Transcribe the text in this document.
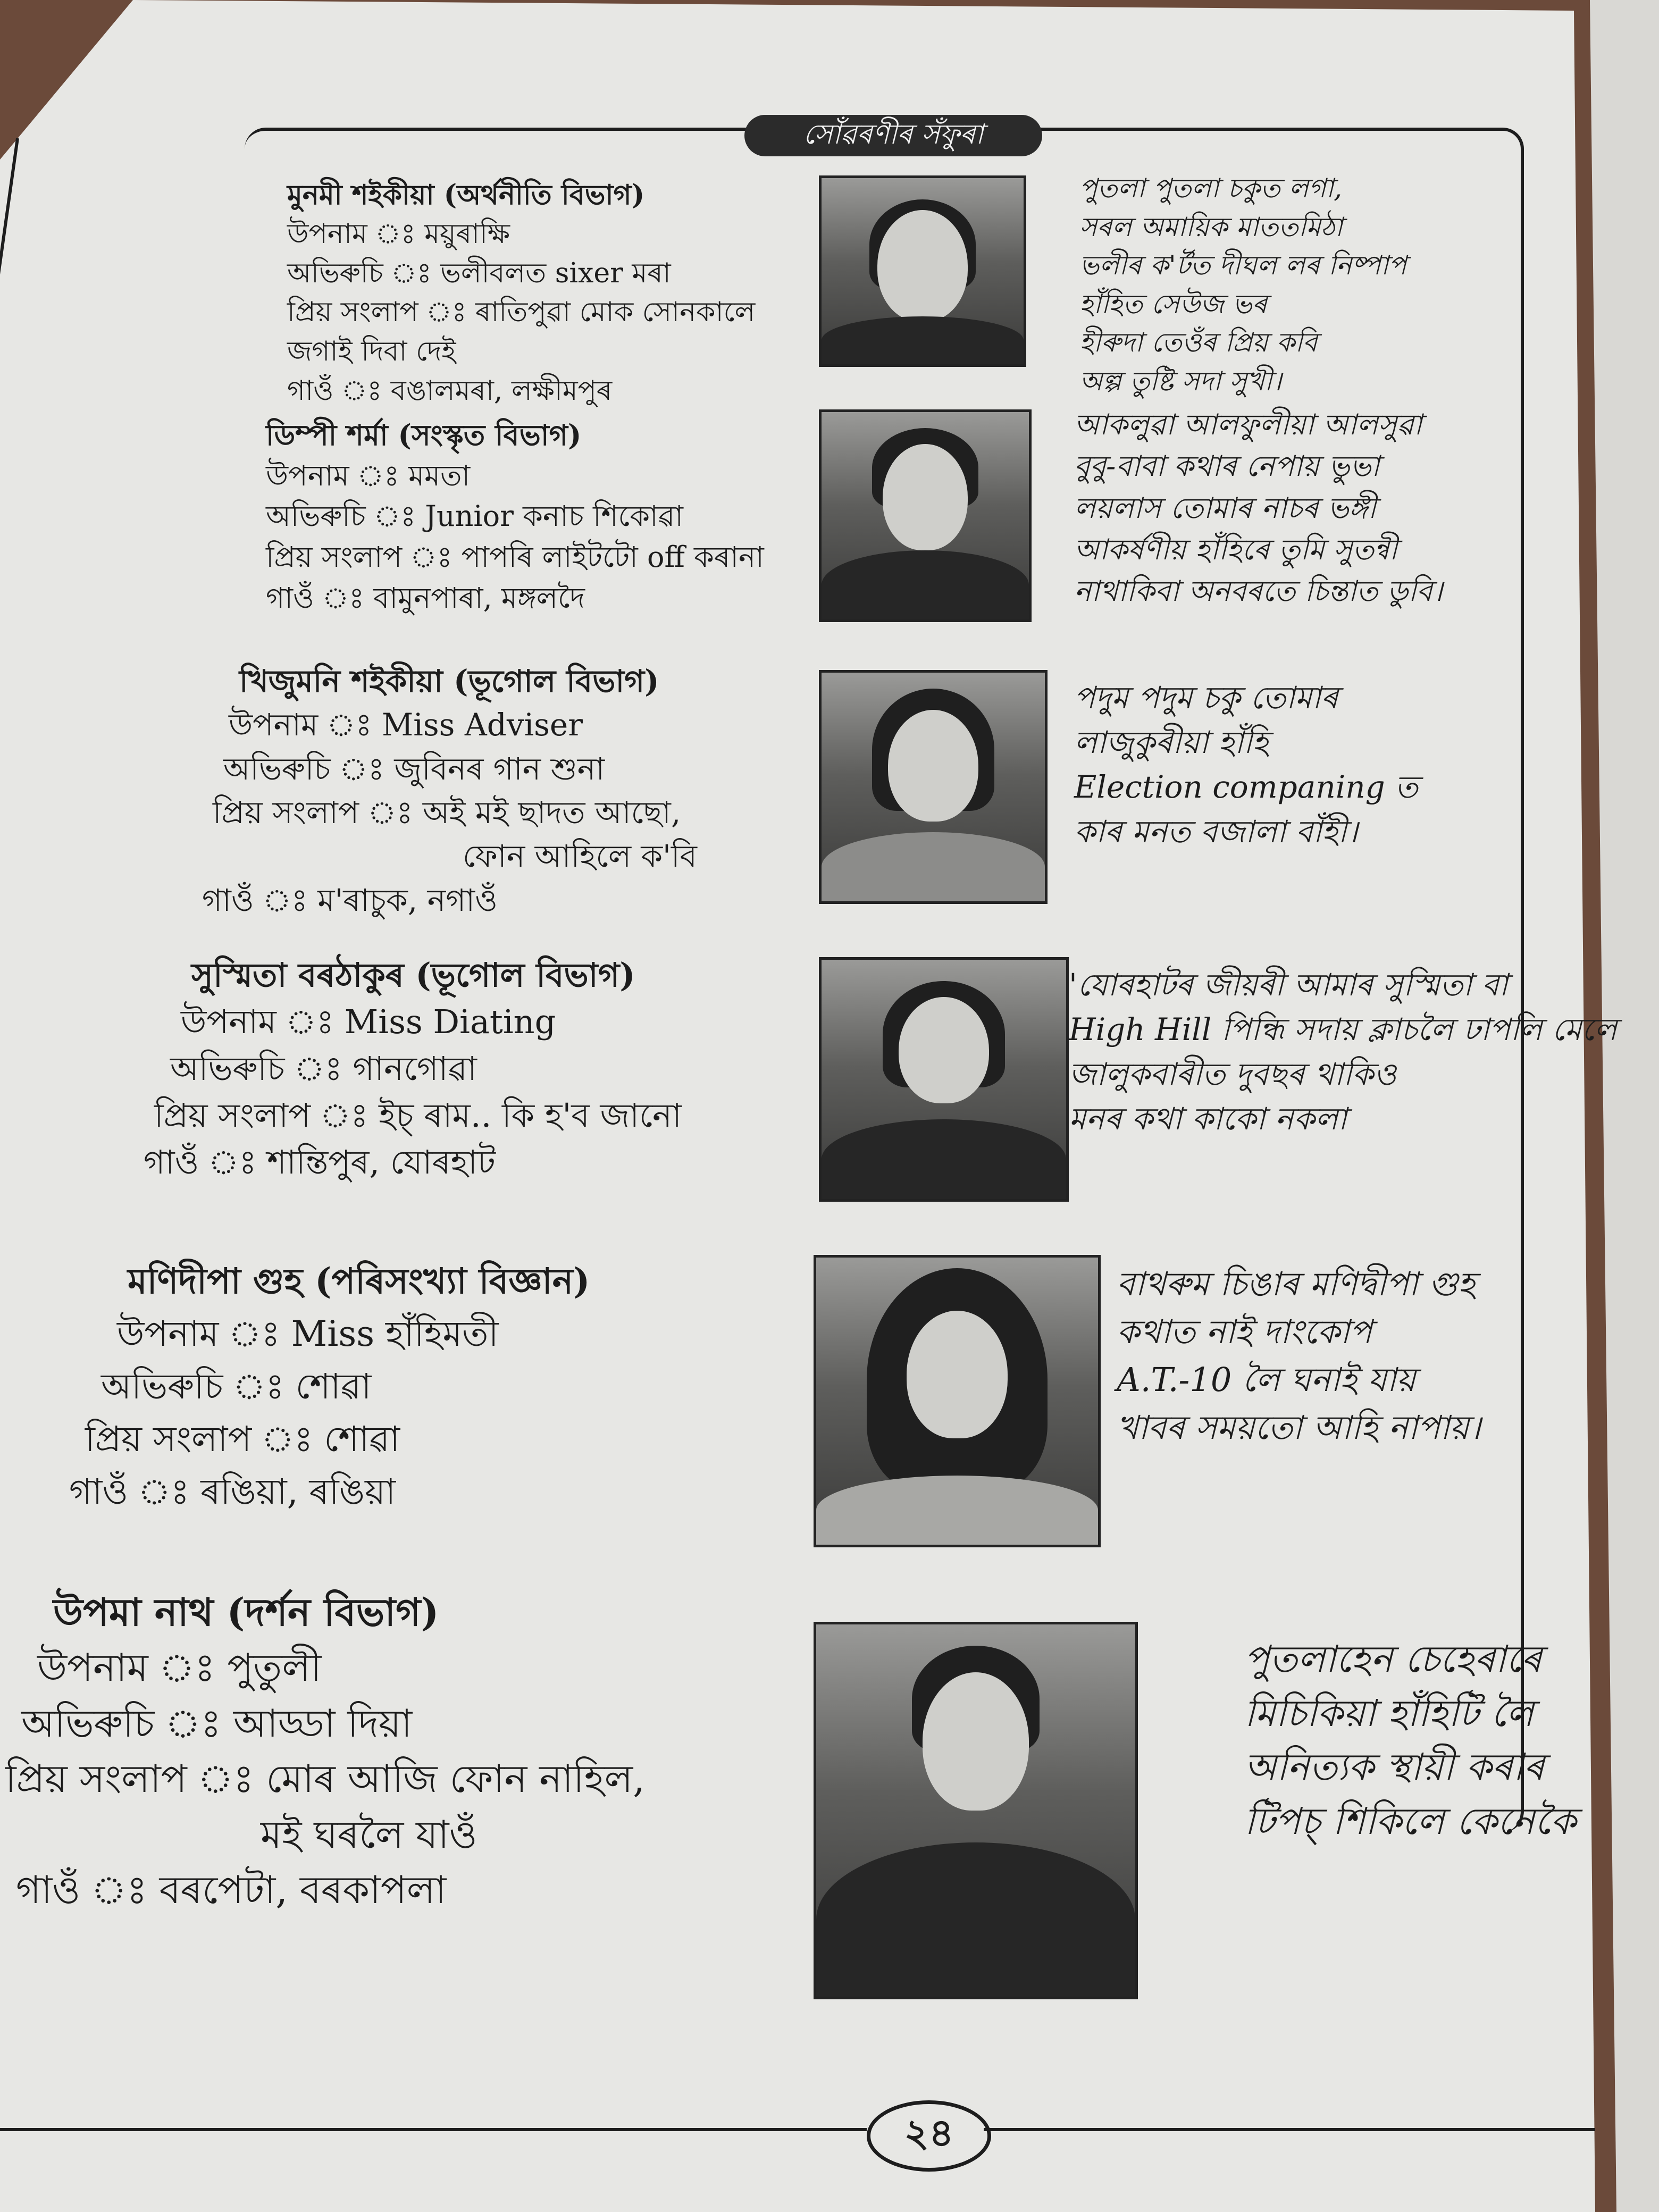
সোঁৱৰণীৰ সঁফুৰা
মুনমী শইকীয়া (অৰ্থনীতি বিভাগ)
উপনাম ঃ ময়ুৰাক্ষি
অভিৰুচি ঃ ভলীবলত sixer মৰা
প্ৰিয় সংলাপ ঃ ৰাতিপুৱা মোক সোনকালে
জগাই দিবা দেই
গাওঁ ঃ বঙালমৰা, লক্ষীমপুৰ
পুতলা পুতলা চকুত লগা,
সৰল অমায়িক মাততমিঠা
ভলীৰ ক'ৰ্টত দীঘল লৰ নিষ্পাপ
হাঁহিত সেউজ ভৰ
হীৰুদা তেওঁৰ প্ৰিয় কবি
অল্প তুষ্টি সদা সুখী।
ডিম্পী শৰ্মা (সংস্কৃত বিভাগ)
উপনাম ঃ মমতা
অভিৰুচি ঃ Junior কনাচ শিকোৱা
প্ৰিয় সংলাপ ঃ পাপৰি লাইটটো off কৰানা
গাওঁ ঃ বামুনপাৰা, মঙ্গলদৈ
আকলুৱা আলফুলীয়া আলসুৱা
বুবু-বাবা কথাৰ নেপায় ভুভা
লয়লাস তোমাৰ নাচৰ ভঙ্গী
আকৰ্ষণীয় হাঁহিৰে তুমি সুতন্বী
নাথাকিবা অনবৰতে চিন্তাত ডুবি।
খিজুমনি শইকীয়া (ভূগোল বিভাগ)
উপনাম ঃ Miss Adviser
অভিৰুচি ঃ জুবিনৰ গান শুনা
প্ৰিয় সংলাপ ঃ অই মই ছাদত আছো,
ফোন আহিলে ক'বি
গাওঁ ঃ ম'ৰাচুক, নগাওঁ
পদুম পদুম চকু তোমাৰ
লাজুকুৰীয়া হাঁহি
Election companing ত
কাৰ মনত বজালা বাঁহী।
সুস্মিতা বৰঠাকুৰ (ভূগোল বিভাগ)
উপনাম ঃ Miss Diating
অভিৰুচি ঃ গানগোৱা
প্ৰিয় সংলাপ ঃ ইচ্ ৰাম.. কি হ'ব জানো
গাওঁ ঃ শান্তিপুৰ, যোৰহাট
'যোৰহাটৰ জীয়ৰী আমাৰ সুস্মিতা বা
High Hill পিন্ধি সদায় ক্লাচলৈ ঢাপলি মেলে
জালুকবাৰীত দুবছৰ থাকিও
মনৰ কথা কাকো নকলা
মণিদীপা গুহ (পৰিসংখ্যা বিজ্ঞান)
উপনাম ঃ Miss হাঁহিমতী
অভিৰুচি ঃ শোৱা
প্ৰিয় সংলাপ ঃ শোৱা
গাওঁ ঃ ৰঙিয়া, ৰঙিয়া
বাথৰুম চিঙাৰ মণিদ্বীপা গুহ
কথাত নাই দাংকোপ
A.T.-10 লৈ ঘনাই যায়
খাবৰ সময়তো আহি নাপায়।
উপমা নাথ (দৰ্শন বিভাগ)
উপনাম ঃ পুতুলী
অভিৰুচি ঃ আড্ডা দিয়া
প্ৰিয় সংলাপ ঃ মোৰ আজি ফোন নাহিল,
মই ঘৰলৈ যাওঁ
গাওঁ ঃ বৰপেটা, বৰকাপলা
পুতলাহেন চেহেৰাৰে
মিচিকিয়া হাঁহিটি লৈ
অনিত্যক স্থায়ী কৰাৰ
টিপচ্ শিকিলে কেনেকৈ
২৪
